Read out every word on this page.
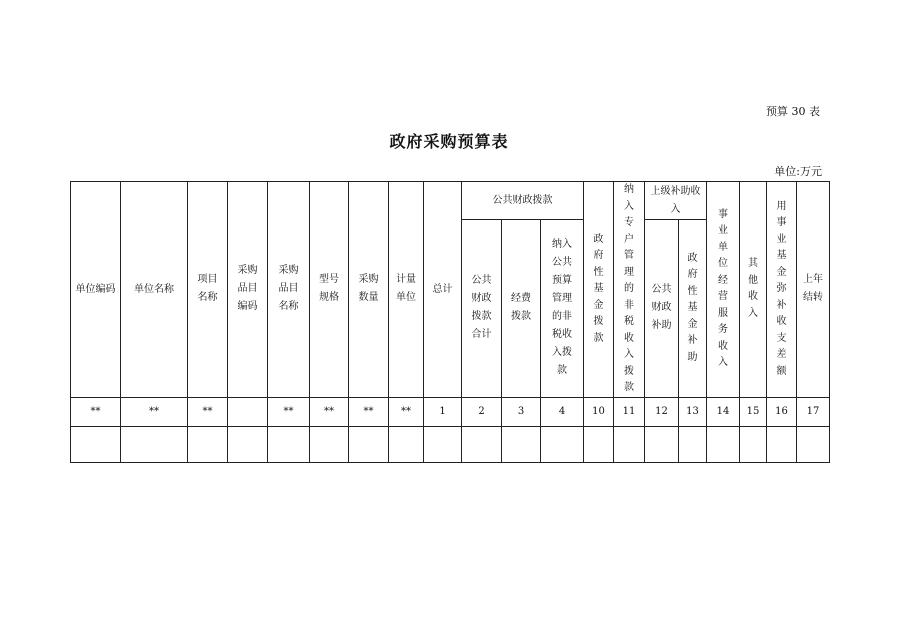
预算 30 表
政府采购预算表
单位:万元
单位编码	单位名称	项目名称	采购品目编码	采购品目名称	型号规格	采购数量	计量单位	总计	公共财政拨款			政府性基金拨款	纳入专户管理的非税收入拨款	上级补助收入		事业单位经营服务收入	其他收入	用事业基金弥补收支差额	上年结转
									公共财政拨款合计	经费拨款	纳入公共预算管理的非税收入拨款			公共财政补助	政府性基金补助				
**	**	**		**	**	**	**	1	2	3	4	10	11	12	13	14	15	16	17
